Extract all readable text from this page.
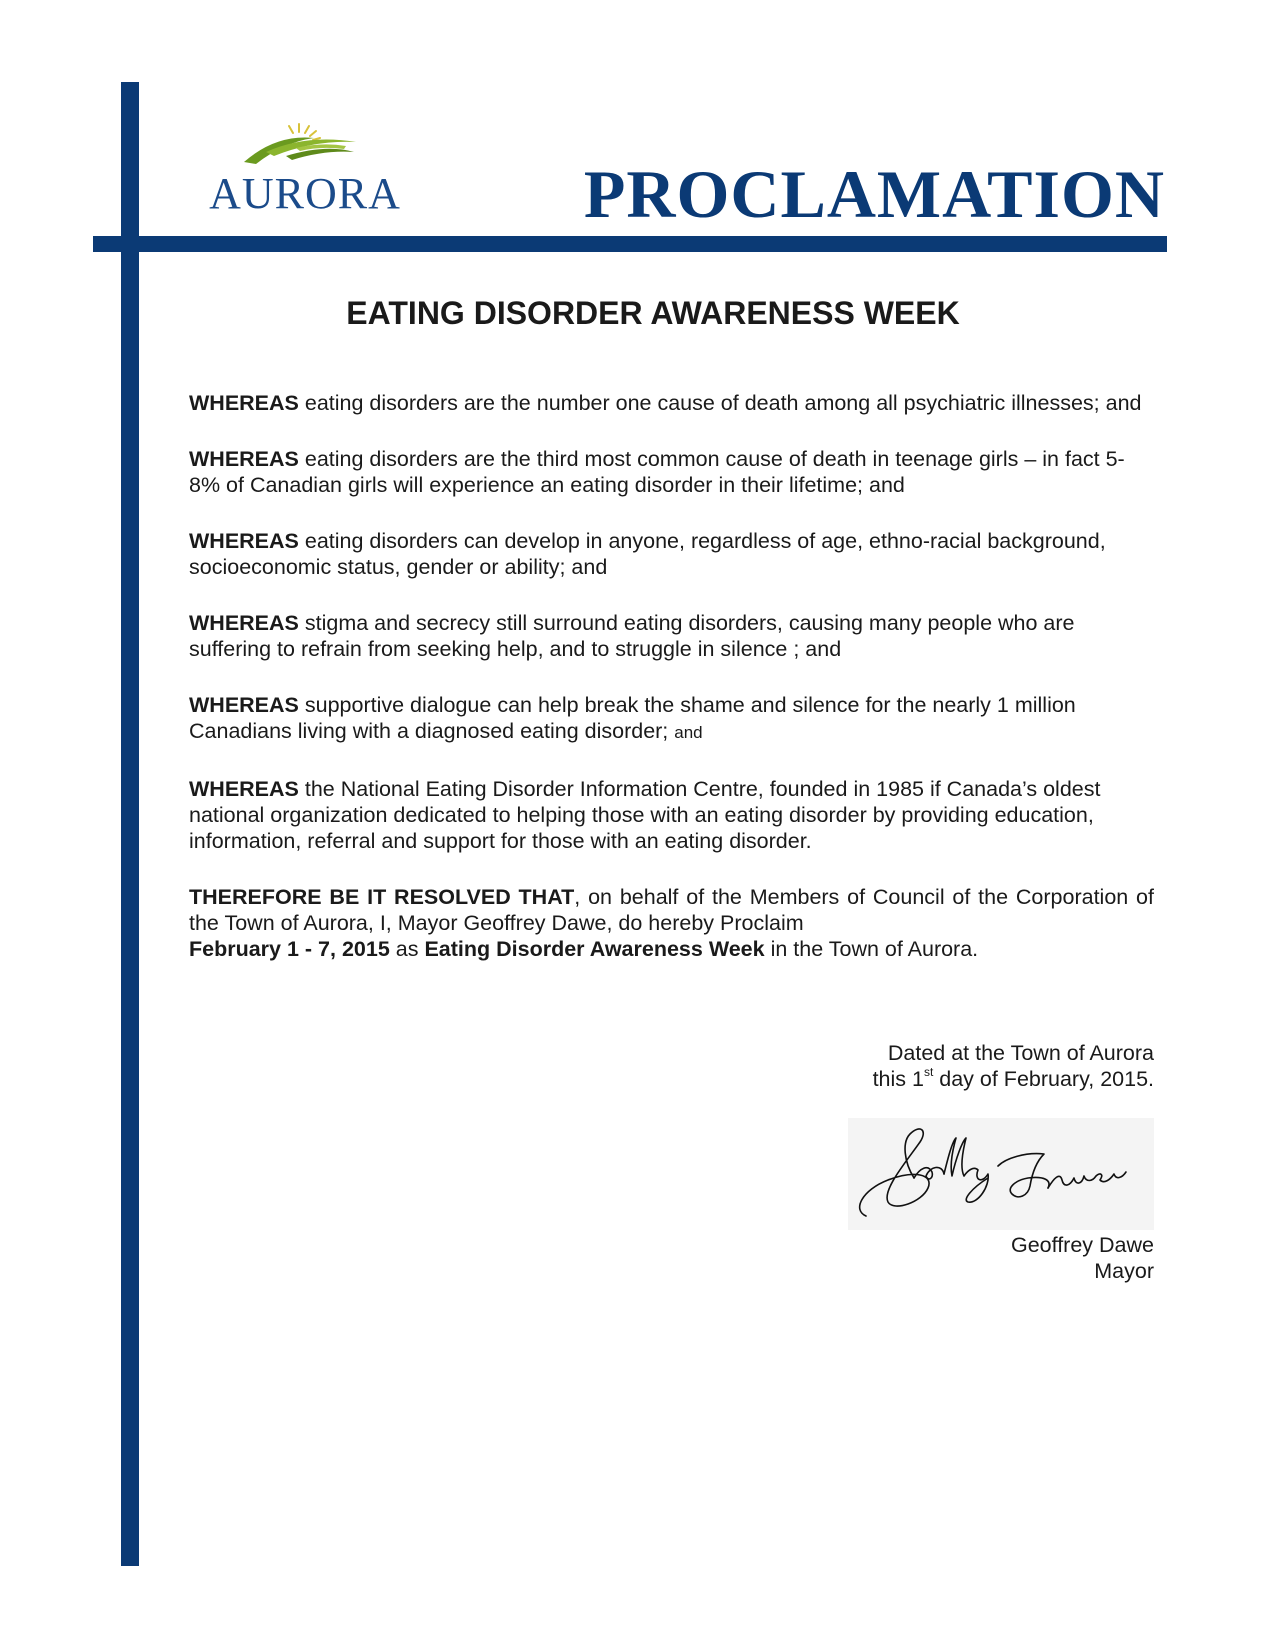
AURORA	PROCLAMATION
EATING DISORDER AWARENESS WEEK

WHEREAS eating disorders are the number one cause of death among all psychiatric illnesses; and

WHEREAS eating disorders are the third most common cause of death in teenage girls – in fact 5-8% of Canadian girls will experience an eating disorder in their lifetime; and

WHEREAS eating disorders can develop in anyone, regardless of age, ethno-racial background, socioeconomic status, gender or ability; and

WHEREAS stigma and secrecy still surround eating disorders, causing many people who are suffering to refrain from seeking help, and to struggle in silence ; and

WHEREAS supportive dialogue can help break the shame and silence for the nearly 1 million Canadians living with a diagnosed eating disorder; and

WHEREAS the National Eating Disorder Information Centre, founded in 1985 if Canada’s oldest national organization dedicated to helping those with an eating disorder by providing education, information, referral and support for those with an eating disorder.

THEREFORE BE IT RESOLVED THAT, on behalf of the Members of Council of the Corporation of the Town of Aurora, I, Mayor Geoffrey Dawe, do hereby Proclaim
February 1 - 7, 2015 as Eating Disorder Awareness Week in the Town of Aurora.

Dated at the Town of Aurora
this 1st day of February, 2015.
Geoffrey Dawe
Mayor
